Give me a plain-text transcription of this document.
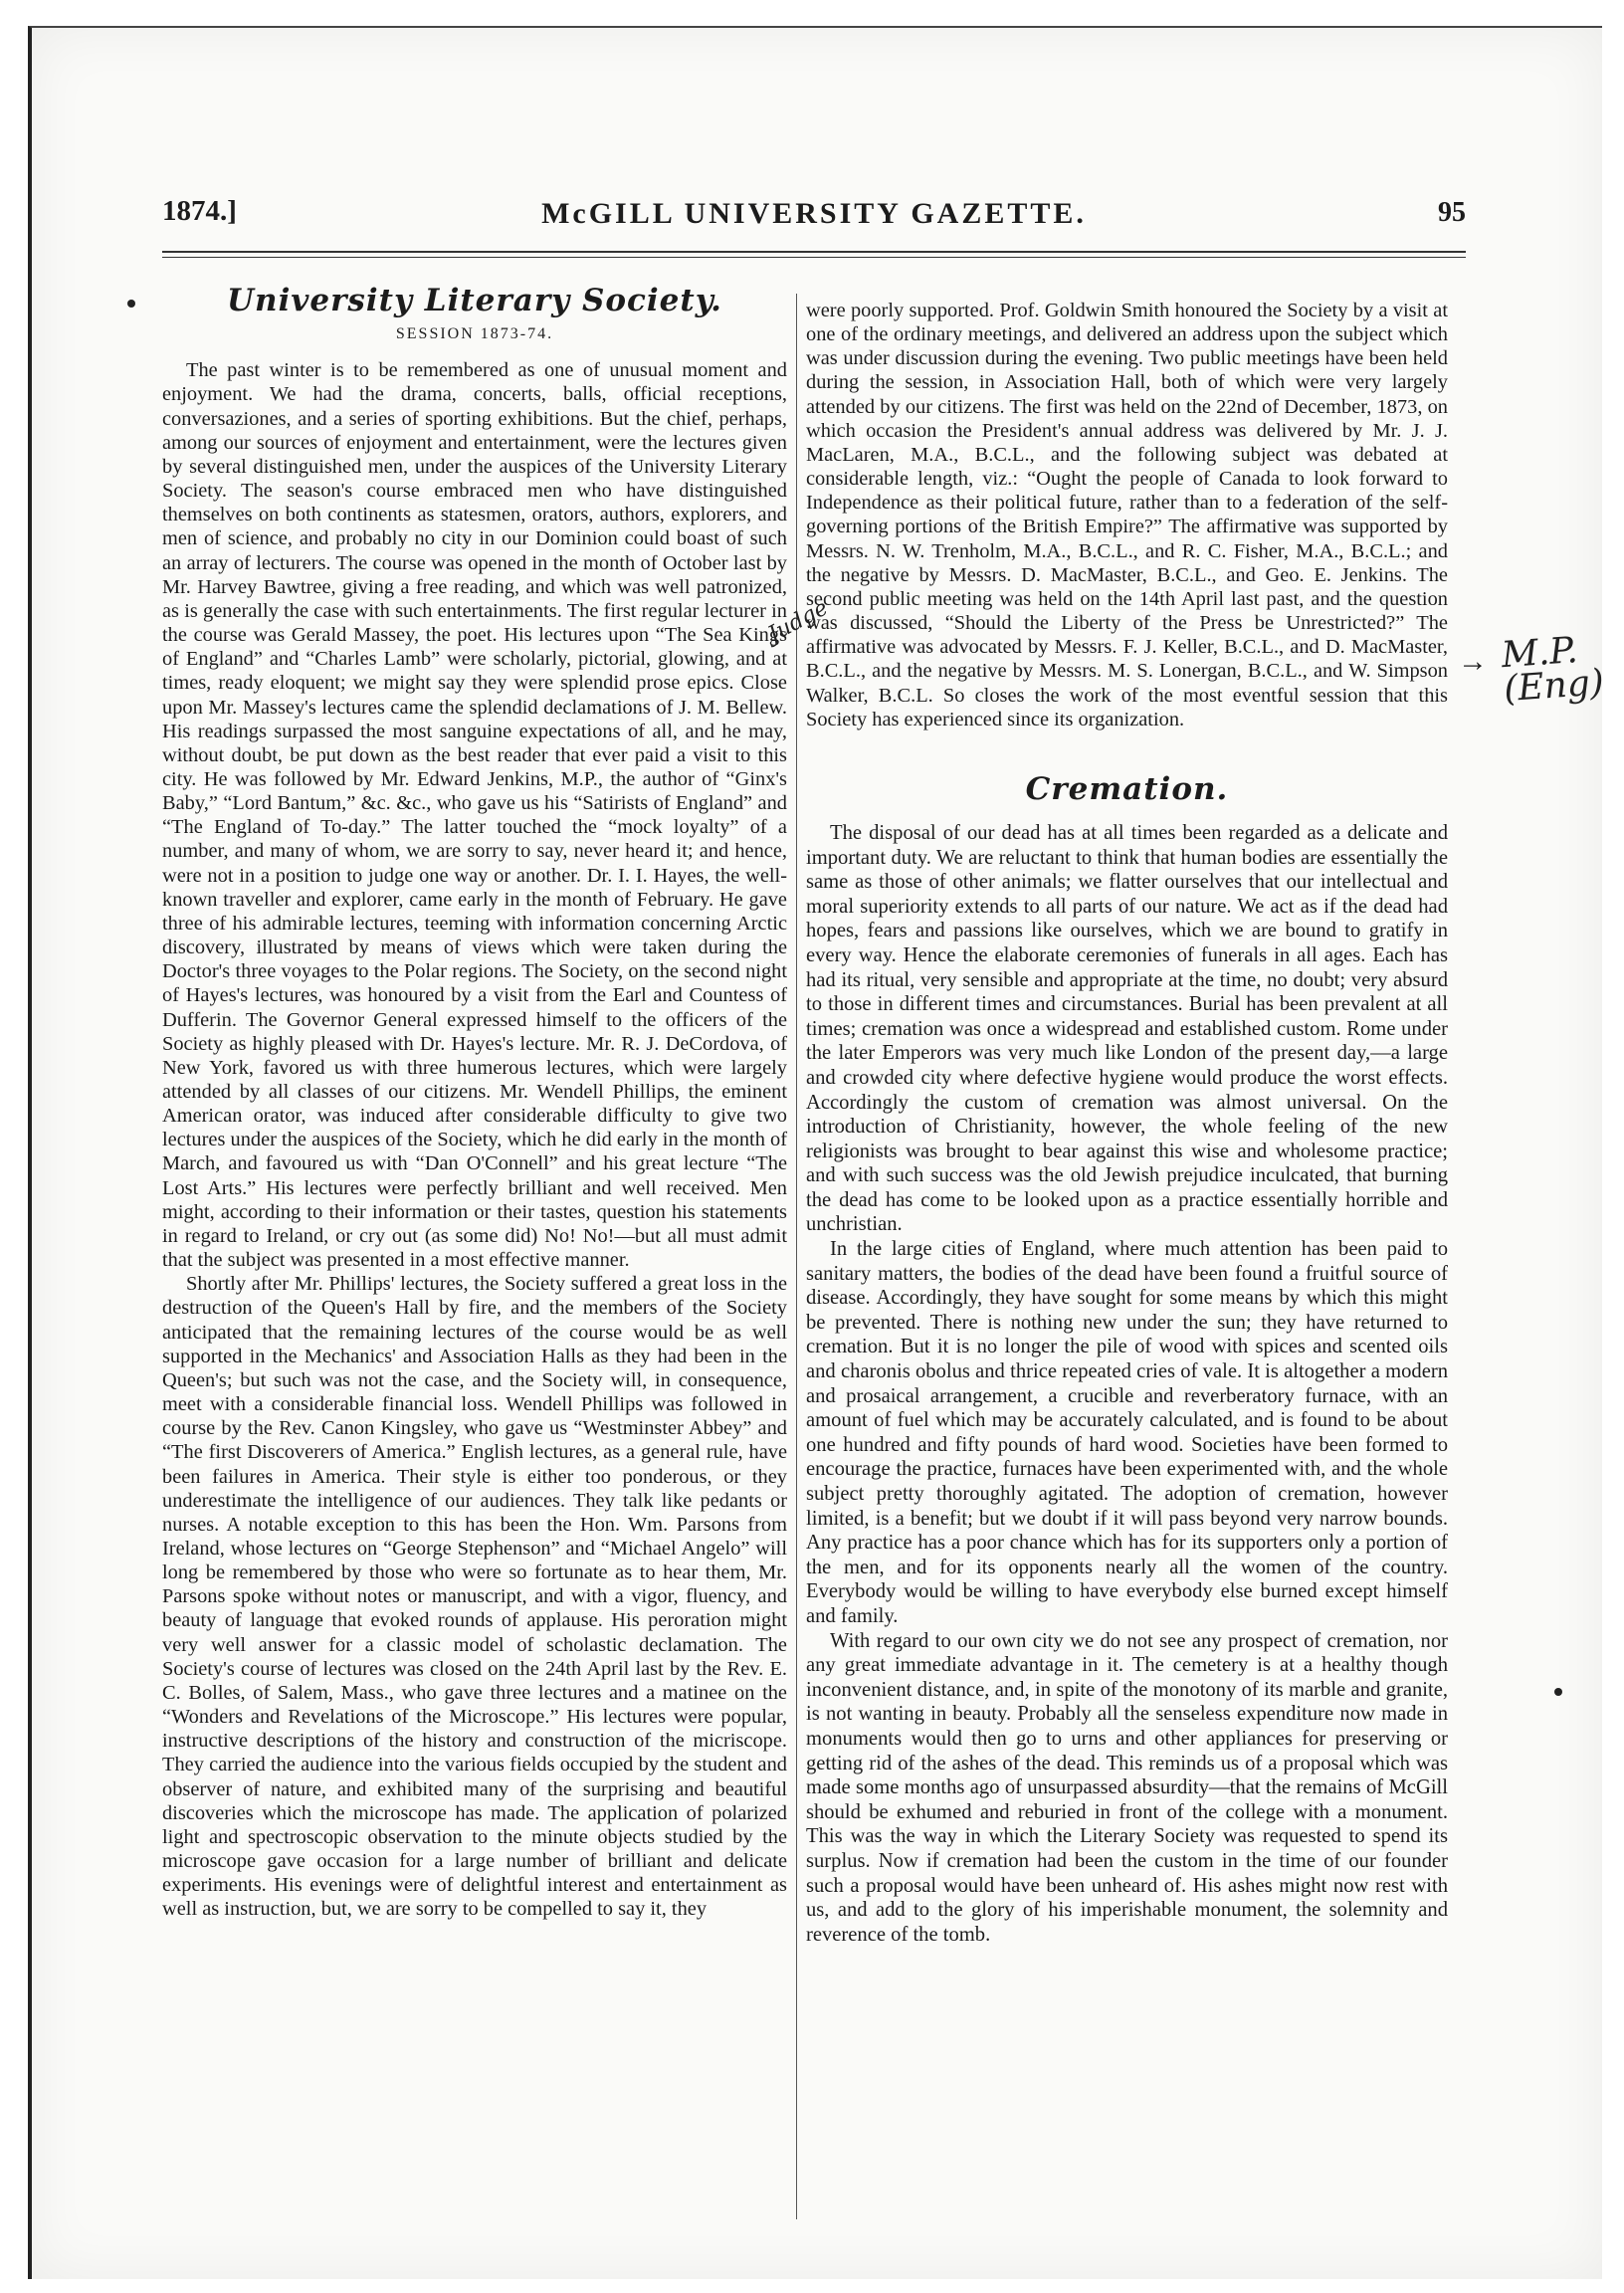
1874.]	McGILL UNIVERSITY GAZETTE.	95
University Literary Society.
SESSION 1873-74.

The past winter is to be remembered as one of unusual moment and enjoyment. We had the drama, concerts, balls, official receptions, conversaziones, and a series of sporting exhibitions. But the chief, perhaps, among our sources of enjoyment and entertainment, were the lectures given by several distinguished men, under the auspices of the University Literary Society. The season's course embraced men who have distinguished themselves on both continents as statesmen, orators, authors, explorers, and men of science, and probably no city in our Dominion could boast of such an array of lecturers. The course was opened in the month of October last by Mr. Harvey Bawtree, giving a free reading, and which was well patronized, as is generally the case with such entertainments. The first regular lecturer in the course was Gerald Massey, the poet. His lectures upon “The Sea Kings of England” and “Charles Lamb” were scholarly, pictorial, glowing, and at times, ready eloquent; we might say they were splendid prose epics. Close upon Mr. Massey's lectures came the splendid declamations of J. M. Bellew. His readings surpassed the most sanguine expectations of all, and he may, without doubt, be put down as the best reader that ever paid a visit to this city. He was followed by Mr. Edward Jenkins, M.P., the author of “Ginx's Baby,” “Lord Bantum,” &c. &c., who gave us his “Satirists of England” and “The England of To-day.” The latter touched the “mock loyalty” of a number, and many of whom, we are sorry to say, never heard it; and hence, were not in a position to judge one way or another. Dr. I. I. Hayes, the well-known traveller and explorer, came early in the month of February. He gave three of his admirable lectures, teeming with information concerning Arctic discovery, illustrated by means of views which were taken during the Doctor's three voyages to the Polar regions. The Society, on the second night of Hayes's lectures, was honoured by a visit from the Earl and Countess of Dufferin. The Governor General expressed himself to the officers of the Society as highly pleased with Dr. Hayes's lecture. Mr. R. J. DeCordova, of New York, favored us with three humerous lectures, which were largely attended by all classes of our citizens. Mr. Wendell Phillips, the eminent American orator, was induced after considerable difficulty to give two lectures under the auspices of the Society, which he did early in the month of March, and favoured us with “Dan O'Connell” and his great lecture “The Lost Arts.” His lectures were perfectly brilliant and well received. Men might, according to their information or their tastes, question his statements in regard to Ireland, or cry out (as some did) No! No!—but all must admit that the subject was presented in a most effective manner.

Shortly after Mr. Phillips' lectures, the Society suffered a great loss in the destruction of the Queen's Hall by fire, and the members of the Society anticipated that the remaining lectures of the course would be as well supported in the Mechanics' and Association Halls as they had been in the Queen's; but such was not the case, and the Society will, in consequence, meet with a considerable financial loss. Wendell Phillips was followed in course by the Rev. Canon Kingsley, who gave us “Westminster Abbey” and “The first Discoverers of America.” English lectures, as a general rule, have been failures in America. Their style is either too ponderous, or they underestimate the intelligence of our audiences. They talk like pedants or nurses. A notable exception to this has been the Hon. Wm. Parsons from Ireland, whose lectures on “George Stephenson” and “Michael Angelo” will long be remembered by those who were so fortunate as to hear them, Mr. Parsons spoke without notes or manuscript, and with a vigor, fluency, and beauty of language that evoked rounds of applause. His peroration might very well answer for a classic model of scholastic declamation. The Society's course of lectures was closed on the 24th April last by the Rev. E. C. Bolles, of Salem, Mass., who gave three lectures and a matinee on the “Wonders and Revelations of the Microscope.” His lectures were popular, instructive descriptions of the history and construction of the micriscope. They carried the audience into the various fields occupied by the student and observer of nature, and exhibited many of the surprising and beautiful discoveries which the microscope has made. The application of polarized light and spectroscopic observation to the minute objects studied by the microscope gave occasion for a large number of brilliant and delicate experiments. His evenings were of delightful interest and entertainment as well as instruction, but, we are sorry to be compelled to say it, they

were poorly supported. Prof. Goldwin Smith honoured the Society by a visit at one of the ordinary meetings, and delivered an address upon the subject which was under discussion during the evening. Two public meetings have been held during the session, in Association Hall, both of which were very largely attended by our citizens. The first was held on the 22nd of December, 1873, on which occasion the President's annual address was delivered by Mr. J. J. MacLaren, M.A., B.C.L., and the following subject was debated at considerable length, viz.: “Ought the people of Canada to look forward to Independence as their political future, rather than to a federation of the self-governing portions of the British Empire?” The affirmative was supported by Messrs. N. W. Trenholm, M.A., B.C.L., and R. C. Fisher, M.A., B.C.L.; and the negative by Messrs. D. MacMaster, B.C.L., and Geo. E. Jenkins. The second public meeting was held on the 14th April last past, and the question was discussed, “Should the Liberty of the Press be Unrestricted?” The affirmative was advocated by Messrs. F. J. Keller, B.C.L., and D. MacMaster, B.C.L., and the negative by Messrs. M. S. Lonergan, B.C.L., and W. Simpson Walker, B.C.L. So closes the work of the most eventful session that this Society has experienced since its organization.

Cremation.

The disposal of our dead has at all times been regarded as a delicate and important duty. We are reluctant to think that human bodies are essentially the same as those of other animals; we flatter ourselves that our intellectual and moral superiority extends to all parts of our nature. We act as if the dead had hopes, fears and passions like ourselves, which we are bound to gratify in every way. Hence the elaborate ceremonies of funerals in all ages. Each has had its ritual, very sensible and appropriate at the time, no doubt; very absurd to those in different times and circumstances. Burial has been prevalent at all times; cremation was once a widespread and established custom. Rome under the later Emperors was very much like London of the present day,—a large and crowded city where defective hygiene would produce the worst effects. Accordingly the custom of cremation was almost universal. On the introduction of Christianity, however, the whole feeling of the new religionists was brought to bear against this wise and wholesome practice; and with such success was the old Jewish prejudice inculcated, that burning the dead has come to be looked upon as a practice essentially horrible and unchristian.

In the large cities of England, where much attention has been paid to sanitary matters, the bodies of the dead have been found a fruitful source of disease. Accordingly, they have sought for some means by which this might be prevented. There is nothing new under the sun; they have returned to cremation. But it is no longer the pile of wood with spices and scented oils and charonis obolus and thrice repeated cries of vale. It is altogether a modern and prosaical arrangement, a crucible and reverberatory furnace, with an amount of fuel which may be accurately calculated, and is found to be about one hundred and fifty pounds of hard wood. Societies have been formed to encourage the practice, furnaces have been experimented with, and the whole subject pretty thoroughly agitated. The adoption of cremation, however limited, is a benefit; but we doubt if it will pass beyond very narrow bounds. Any practice has a poor chance which has for its supporters only a portion of the men, and for its opponents nearly all the women of the country. Everybody would be willing to have everybody else burned except himself and family.

With regard to our own city we do not see any prospect of cremation, nor any great immediate advantage in it. The cemetery is at a healthy though inconvenient distance, and, in spite of the monotony of its marble and granite, is not wanting in beauty. Probably all the senseless expenditure now made in monuments would then go to urns and other appliances for preserving or getting rid of the ashes of the dead. This reminds us of a proposal which was made some months ago of unsurpassed absurdity—that the remains of McGill should be exhumed and reburied in front of the college with a monument. This was the way in which the Literary Society was requested to spend its surplus. Now if cremation had been the custom in the time of our founder such a proposal would have been unheard of. His ashes might now rest with us, and add to the glory of his imperishable monument, the solemnity and reverence of the tomb.

→ M.P. (Eng)
Judge
